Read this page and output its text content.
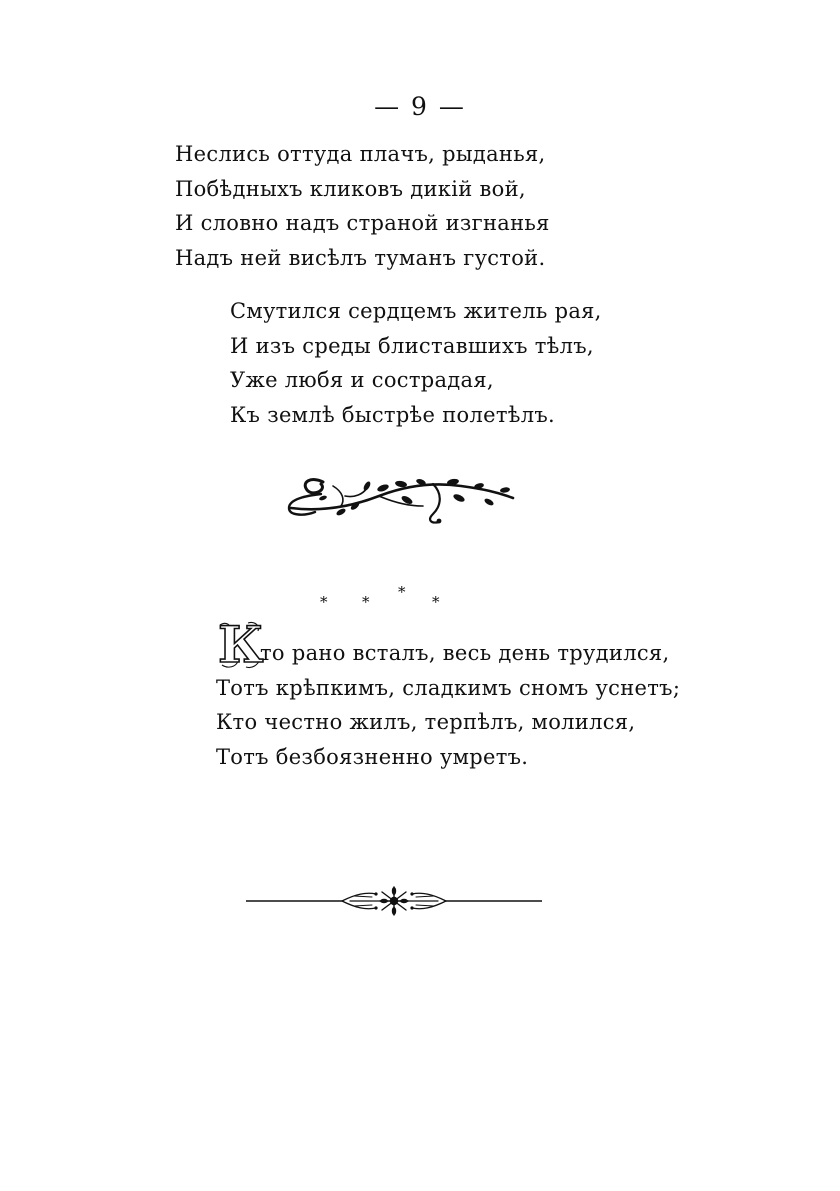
— 9 —
Неслись оттуда плачъ, рыданья,
Побѣдныхъ кликовъ дикій вой,
И словно надъ страной изгнанья
Надъ ней висѣлъ туманъ густой.
Смутился сердцемъ житель рая,
И изъ среды блиставшихъ тѣлъ,
Уже любя и сострадая,
Къ землѣ быстрѣе полетѣлъ.
* *
*
*
К
то рано всталъ, весь день трудился,
Тотъ крѣпкимъ, сладкимъ сномъ уснетъ;
Кто честно жилъ, терпѣлъ, молился,
Тотъ безбоязненно умретъ.
